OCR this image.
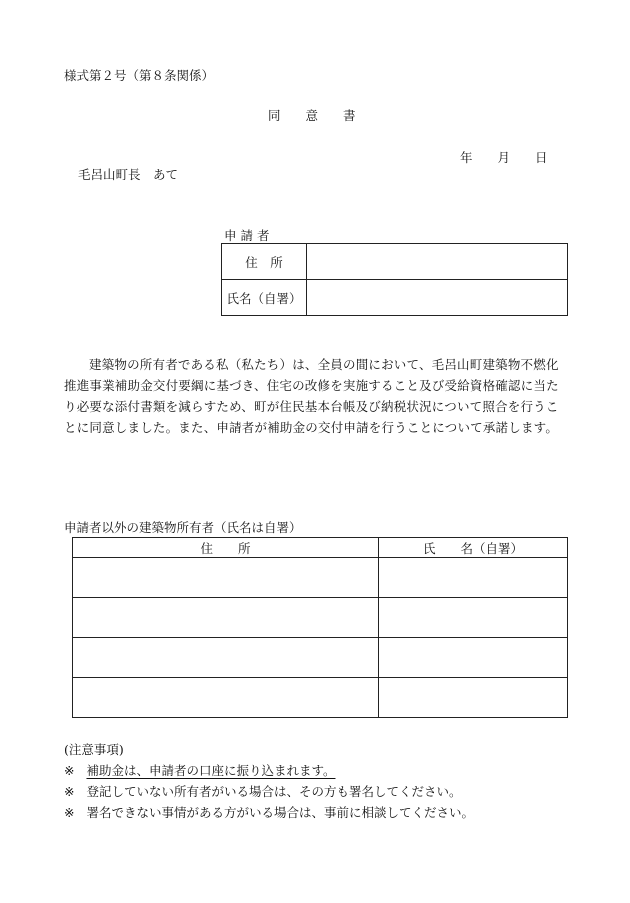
様式第２号（第８条関係）
同　　意　　書
年　　月　　日
毛呂山町長　あて
申 請 者
住　所	
氏名（自署）	
建築物の所有者である私（私たち）は、全員の間において、毛呂山町建築物不燃化推進事業補助金交付要綱に基づき、住宅の改修を実施すること及び受給資格確認に当たり必要な添付書類を減らすため、町が住民基本台帳及び納税状況について照合を行うことに同意しました。また、申請者が補助金の交付申請を行うことについて承諾します。
申請者以外の建築物所有者（氏名は自署）
住　　所	氏　　名（自署）

(注意事項)
※ 補助金は、申請者の口座に振り込まれます。
※ 登記していない所有者がいる場合は、その方も署名してください。
※ 署名できない事情がある方がいる場合は、事前に相談してください。
